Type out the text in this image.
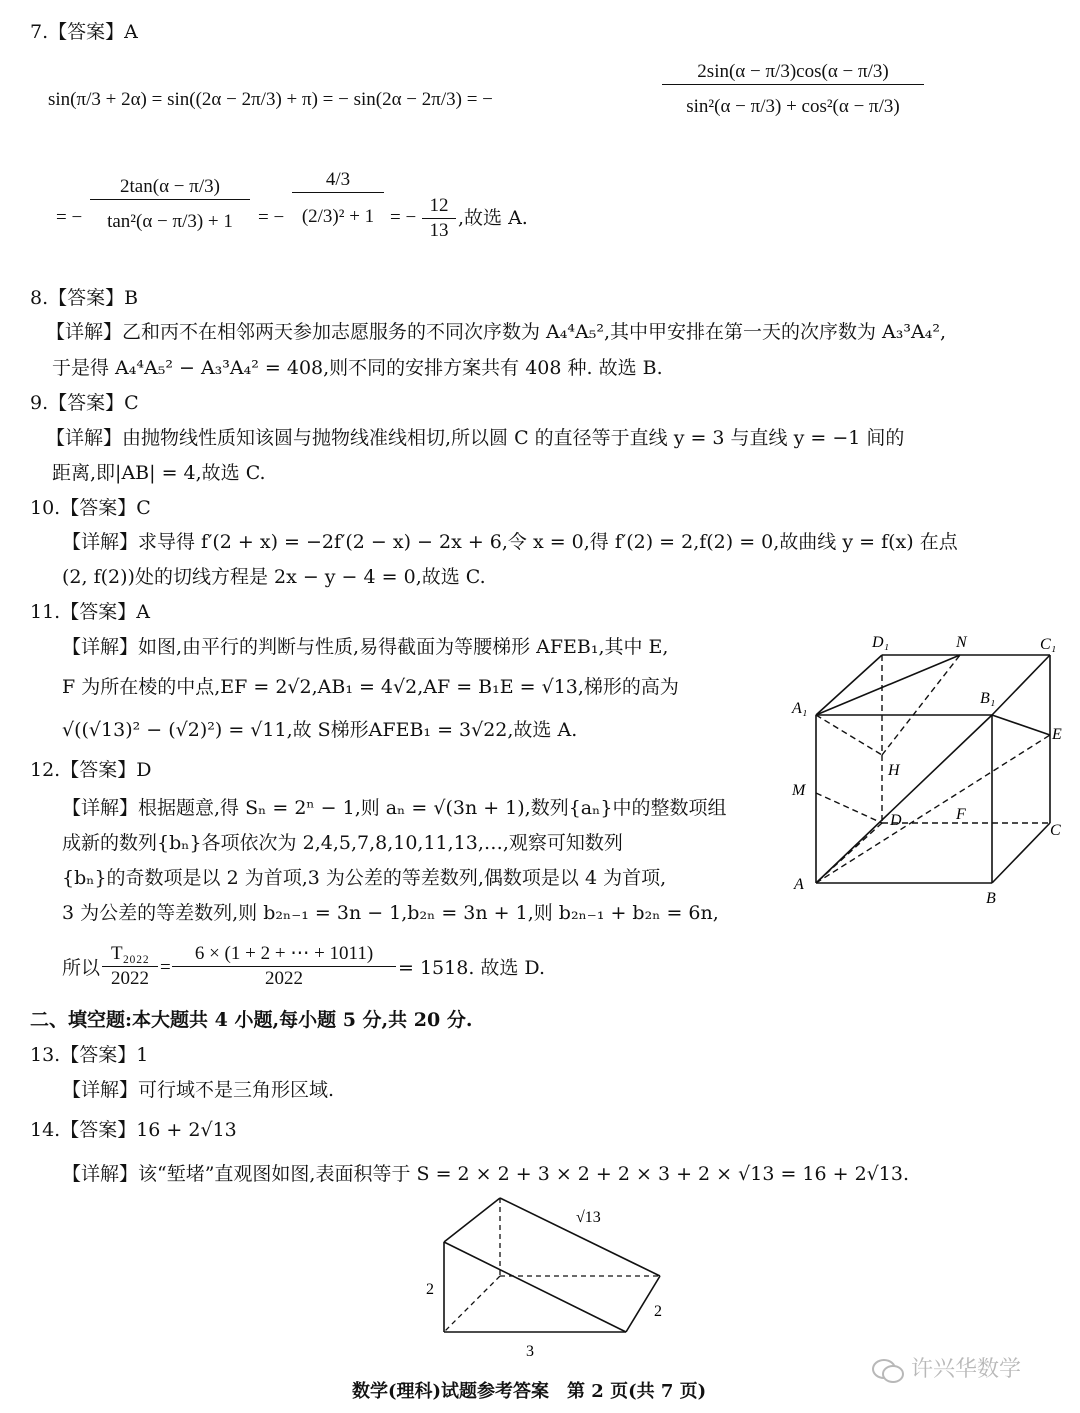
7.【答案】A
sin(π/3 + 2α) = sin((2α − 2π/3) + π) = − sin(2α − 2π/3) = −	$\frac{2\sin(\alpha - \pi/3)\cos(\alpha - \pi/3)}{\text{sin²(α − π/3) + cos²(α − π/3)}}$
= − $\frac{2\tan(\alpha - \pi/3)}{\text{tan²(α − π/3) + 1}}$ = − $\frac{4/3}{\text{(2/3)² + 1}}$ = − $\frac{12}{13}$ ,故选 A.
8.【答案】B
【详解】乙和丙不在相邻两天参加志愿服务的不同次序数为 A₄⁴A₅²,其中甲安排在第一天的次序数为 A₃³A₄²,
于是得 A₄⁴A₅² − A₃³A₄² = 408,则不同的安排方案共有 408 种. 故选 B.
9.【答案】C
【详解】由抛物线性质知该圆与抛物线准线相切,所以圆 C 的直径等于直线 y = 3 与直线 y = −1 间的
距离,即|AB| = 4,故选 C.
10.【答案】C
【详解】求导得 f′(2 + x) = −2f′(2 − x) − 2x + 6,令 x = 0,得 f′(2) = 2,f(2) = 0,故曲线 y = f(x) 在点
(2, f(2))处的切线方程是 2x − y − 4 = 0,故选 C.
11.【答案】A
【详解】如图,由平行的判断与性质,易得截面为等腰梯形 AFEB₁,其中 E,
F 为所在棱的中点,EF = 2√2,AB₁ = 4√2,AF = B₁E = √13,梯形的高为
√((√13)² − (√2)²) = √11,故 S梯形AFEB₁ = 3√22,故选 A.
D₁	N	C₁
A₁
B₁
E
H
M
D	F
C
A
B
12.【答案】D
【详解】根据题意,得 Sₙ = 2ⁿ − 1,则 aₙ = √(3n + 1),数列{aₙ}中的整数项组
成新的数列{bₙ}各项依次为 2,4,5,7,8,10,11,13,…,观察可知数列
{bₙ}的奇数项是以 2 为首项,3 为公差的等差数列,偶数项是以 4 为首项,
3 为公差的等差数列,则 b₂ₙ₋₁ = 3n − 1,b₂ₙ = 3n + 1,则 b₂ₙ₋₁ + b₂ₙ = 6n,
所以 $\frac{\text{T₂₀₂₂}}{2022} = \frac{6 \times (1 + 2 + \cdots + 1011)}{2022} = 1518$. 故选 D.
二、填空题:本大题共 4 小题,每小题 5 分,共 20 分.
13.【答案】1
【详解】可行域不是三角形区域.
14.【答案】16 + 2√13
【详解】该“堑堵”直观图如图,表面积等于 S = 2 × 2 + 3 × 2 + 2 × 3 + 2 × √13 = 16 + 2√13.
√13
2
2
3
数学(理科)试题参考答案　第 2 页(共 7 页)
许兴华数学
